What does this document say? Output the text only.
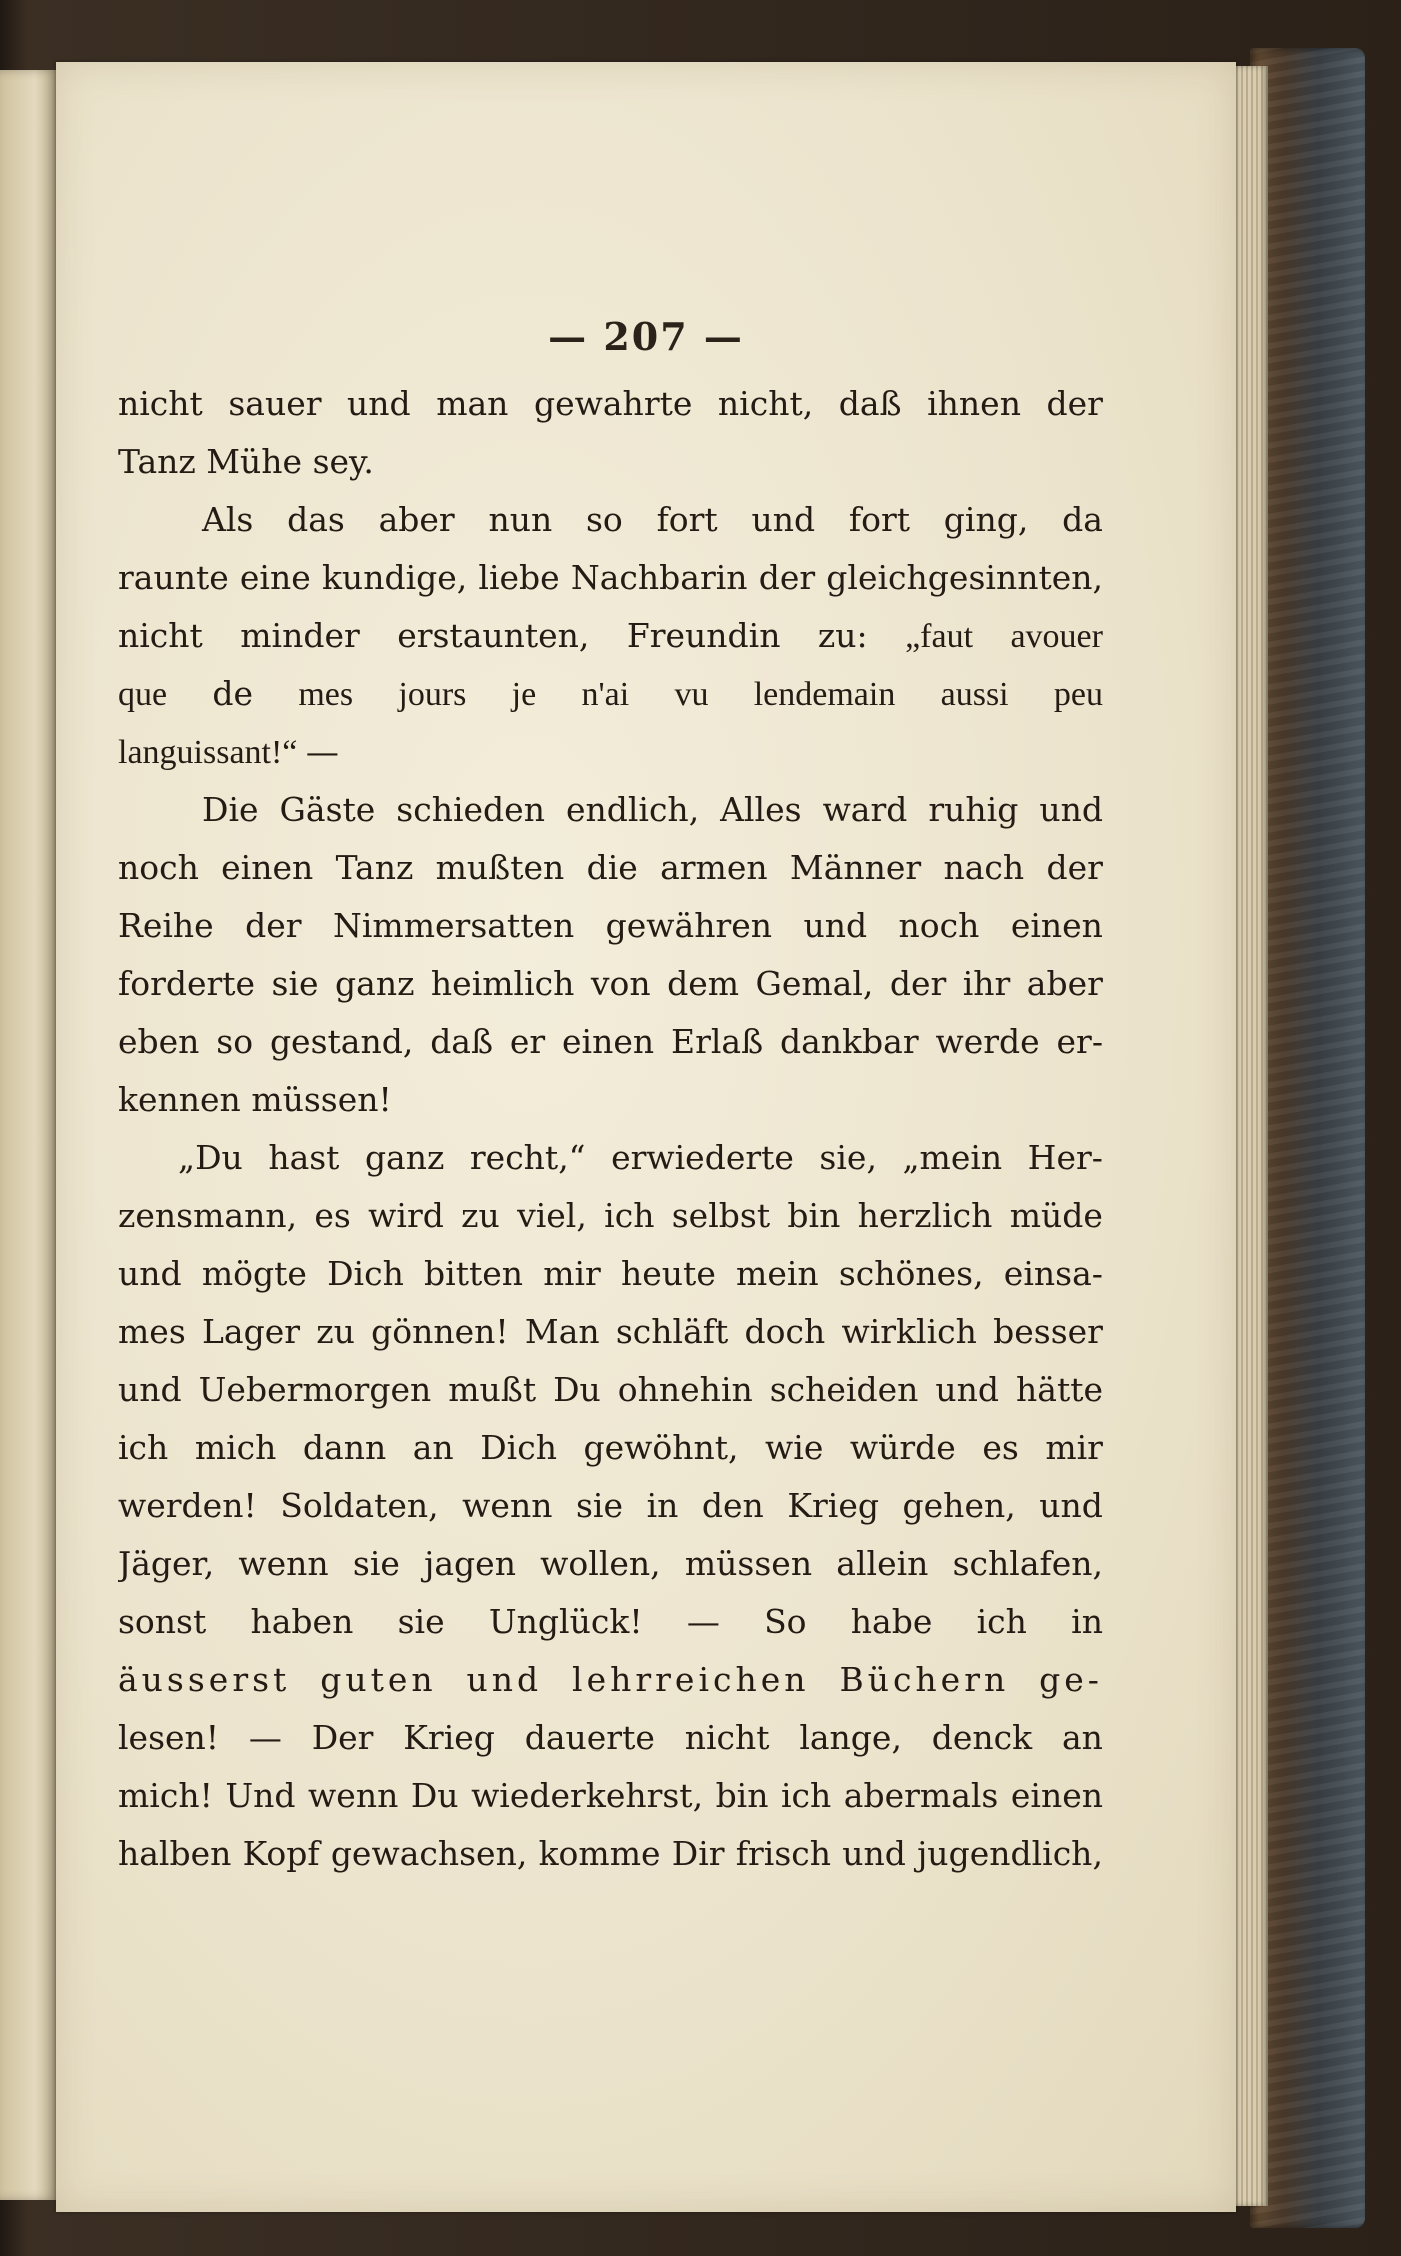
— 207 —
nicht sauer und man gewahrte nicht, daß ihnen der
Tanz Mühe sey.
Als das aber nun so fort und fort ging, da
raunte eine kundige, liebe Nachbarin der gleichgesinnten,
nicht minder erstaunten, Freundin zu: „faut avouer
que de mes jours je n'ai vu lendemain aussi peu
languissant!“ —
Die Gäste schieden endlich, Alles ward ruhig und
noch einen Tanz mußten die armen Männer nach der
Reihe der Nimmersatten gewähren und noch einen
forderte sie ganz heimlich von dem Gemal, der ihr aber
eben so gestand, daß er einen Erlaß dankbar werde er-
kennen müssen!
„Du hast ganz recht,“ erwiederte sie, „mein Her-
zensmann, es wird zu viel, ich selbst bin herzlich müde
und mögte Dich bitten mir heute mein schönes, einsa-
mes Lager zu gönnen! Man schläft doch wirklich besser
und Uebermorgen mußt Du ohnehin scheiden und hätte
ich mich dann an Dich gewöhnt, wie würde es mir
werden! Soldaten, wenn sie in den Krieg gehen, und
Jäger, wenn sie jagen wollen, müssen allein schlafen,
sonst haben sie Unglück! — So habe ich in
äusserst guten und lehrreichen Büchern ge-
lesen! — Der Krieg dauerte nicht lange, denck an
mich! Und wenn Du wiederkehrst, bin ich abermals einen
halben Kopf gewachsen, komme Dir frisch und jugendlich,
